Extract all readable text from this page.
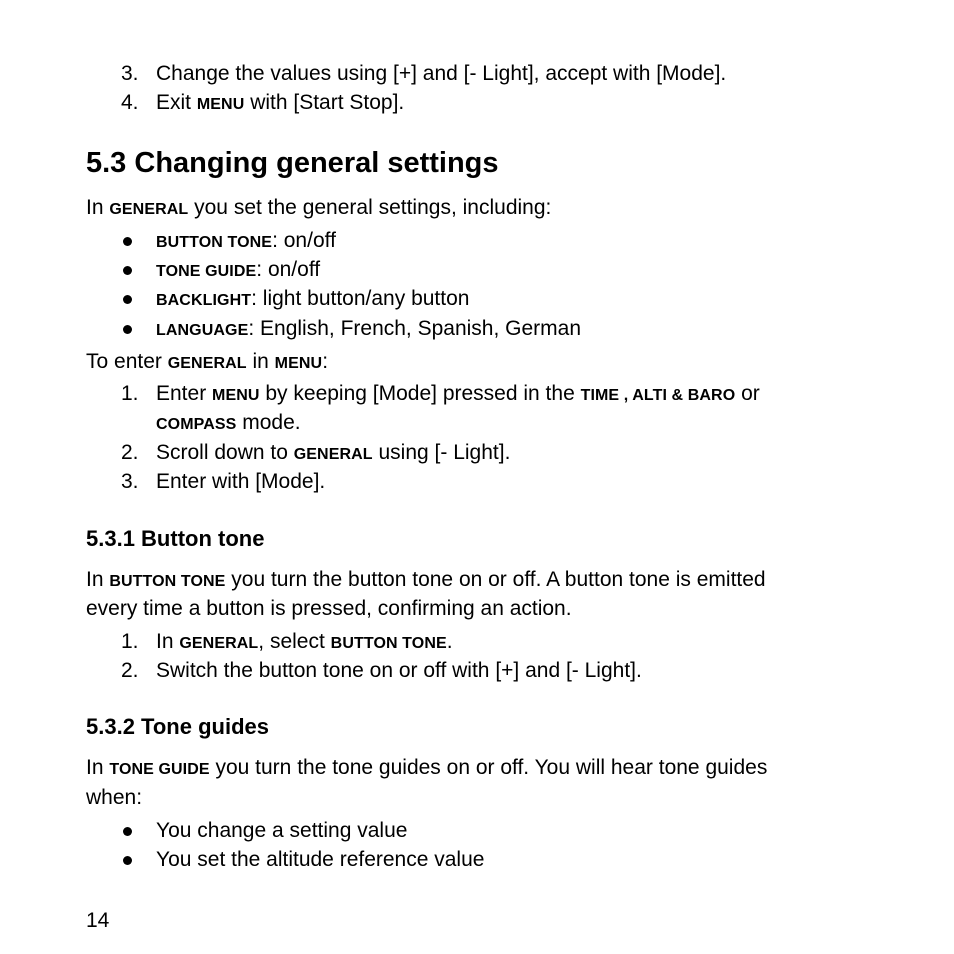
3. Change the values using [+] and [- Light], accept with [Mode].
4. Exit MENU with [Start Stop].
5.3 Changing general settings
In GENERAL you set the general settings, including:
BUTTON TONE: on/off
TONE GUIDE: on/off
BACKLIGHT: light button/any button
LANGUAGE: English, French, Spanish, German
To enter GENERAL in MENU:
1. Enter MENU by keeping [Mode] pressed in the TIME , ALTI & BARO or
COMPASS mode.
2. Scroll down to GENERAL using [- Light].
3. Enter with [Mode].
5.3.1 Button tone
In BUTTON TONE you turn the button tone on or off. A button tone is emitted
every time a button is pressed, confirming an action.
1. In GENERAL, select BUTTON TONE.
2. Switch the button tone on or off with [+] and [- Light].
5.3.2 Tone guides
In TONE GUIDE you turn the tone guides on or off. You will hear tone guides
when:
You change a setting value
You set the altitude reference value
14
